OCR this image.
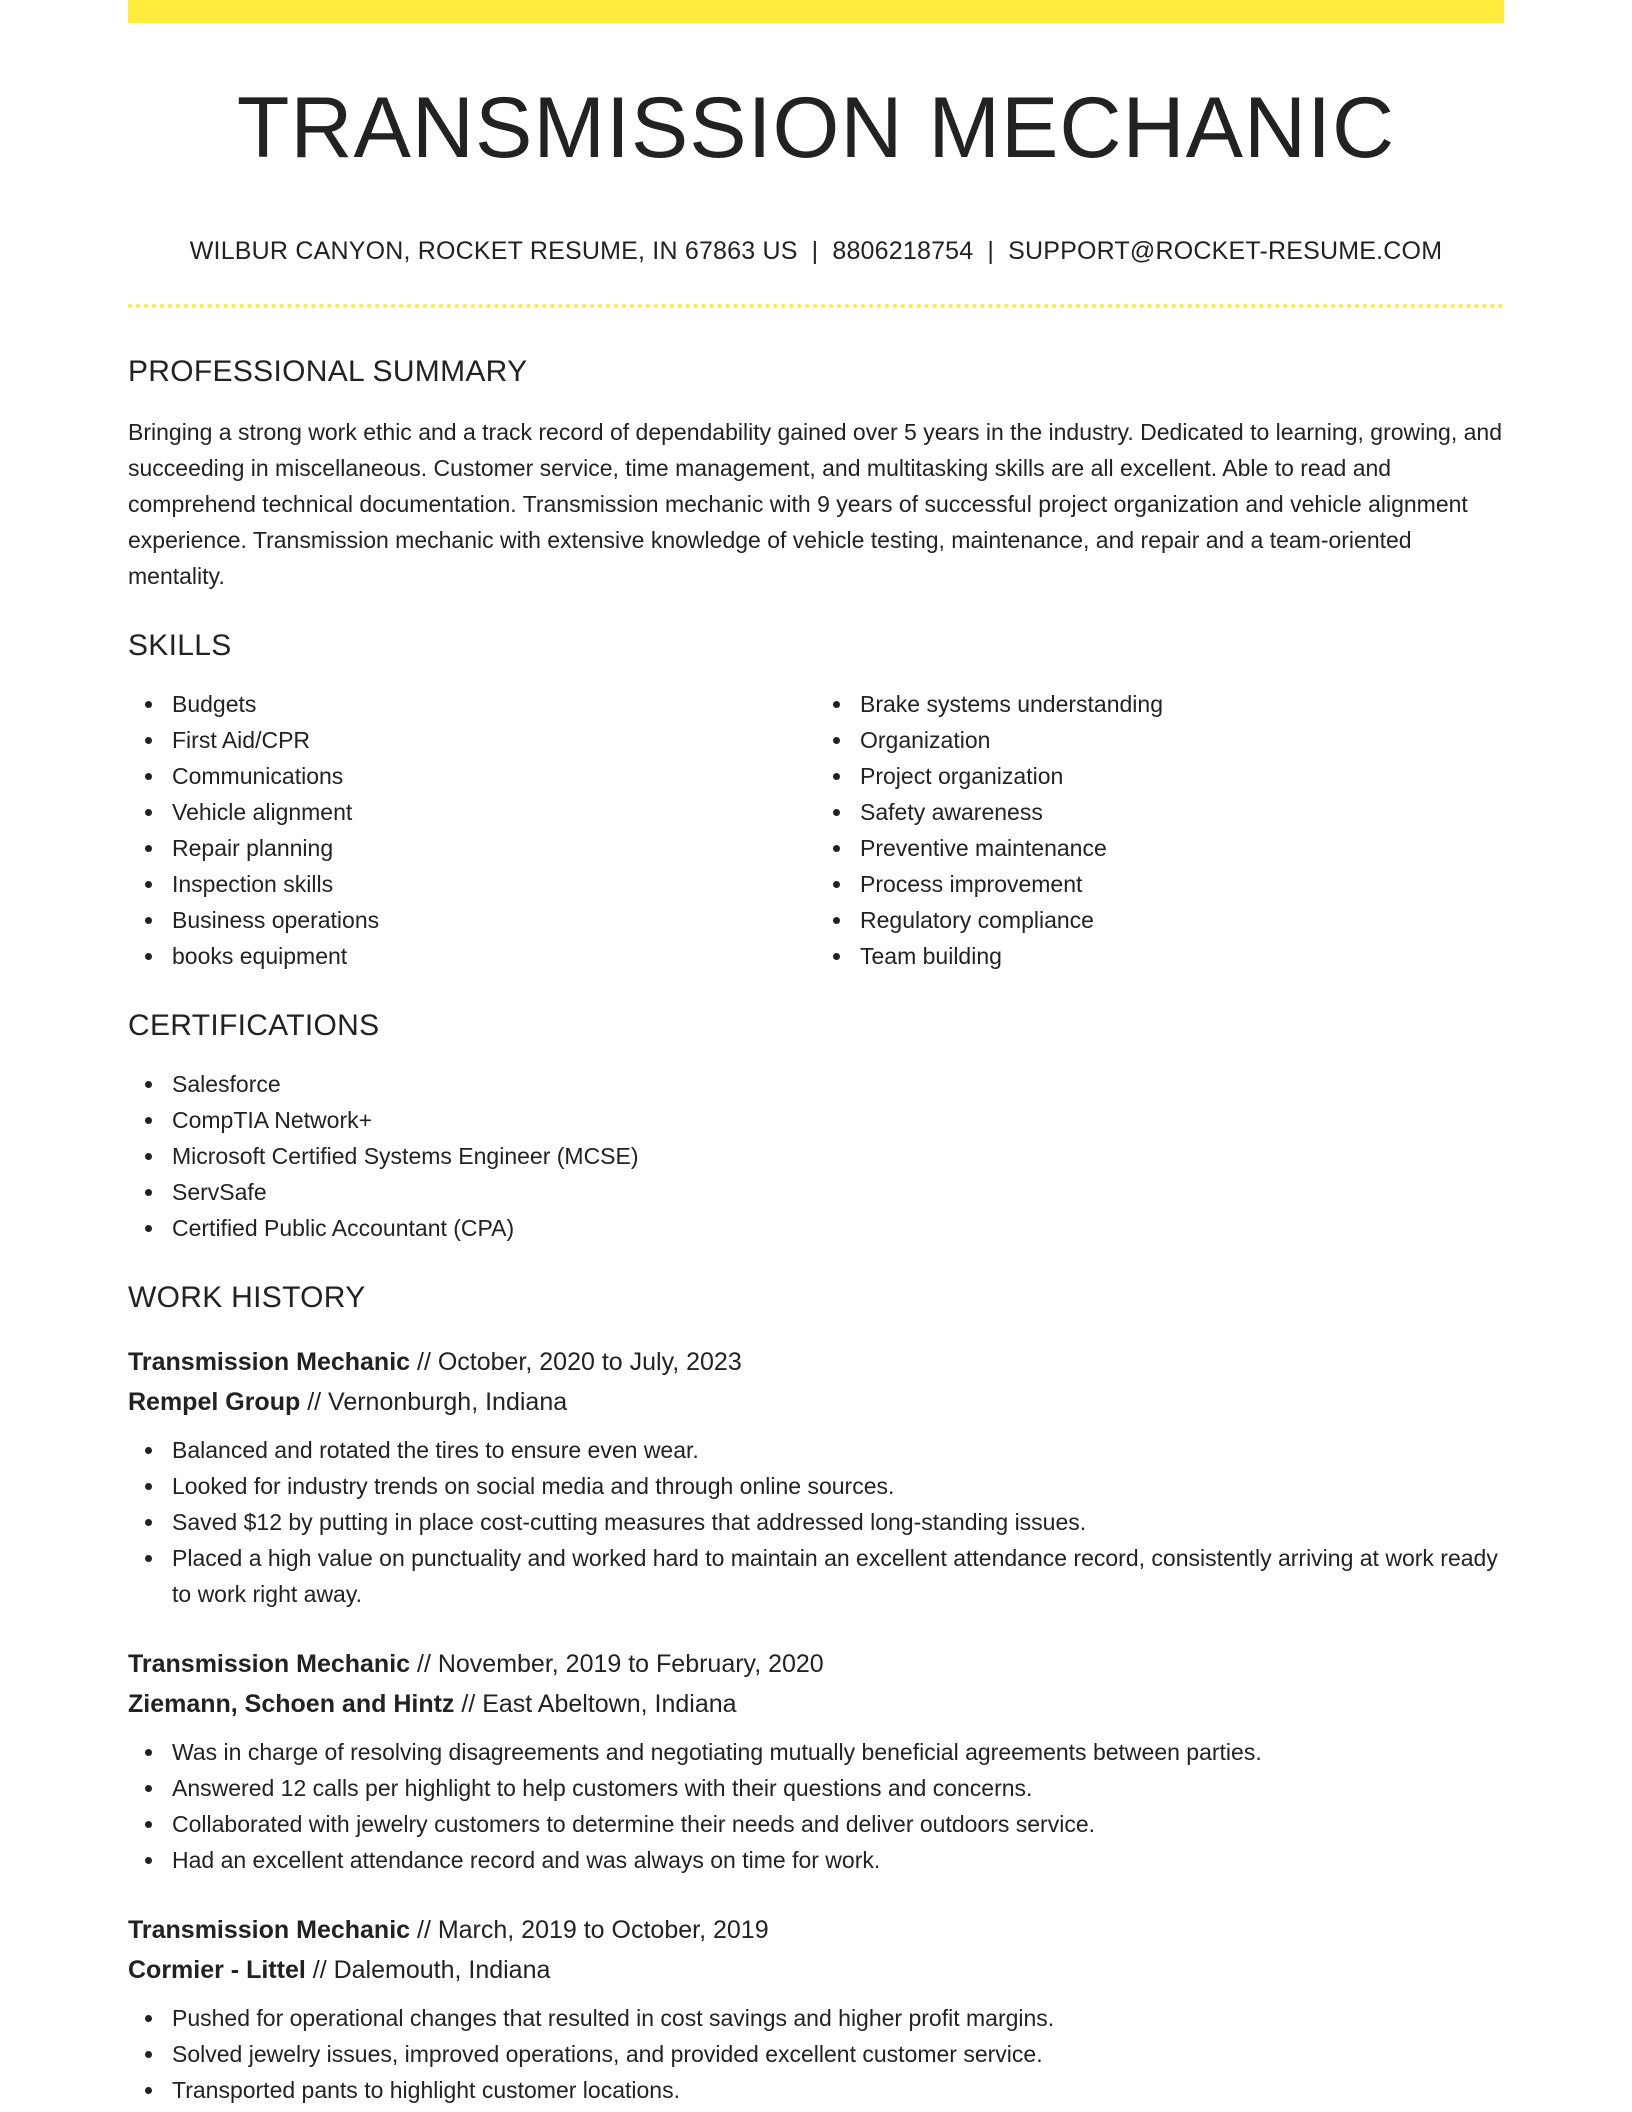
TRANSMISSION MECHANIC
WILBUR CANYON, ROCKET RESUME, IN 67863 US | 8806218754 | SUPPORT@ROCKET-RESUME.COM
PROFESSIONAL SUMMARY
Bringing a strong work ethic and a track record of dependability gained over 5 years in the industry. Dedicated to learning, growing, and succeeding in miscellaneous. Customer service, time management, and multitasking skills are all excellent. Able to read and comprehend technical documentation. Transmission mechanic with 9 years of successful project organization and vehicle alignment experience. Transmission mechanic with extensive knowledge of vehicle testing, maintenance, and repair and a team-oriented mentality.
SKILLS
Budgets
First Aid/CPR
Communications
Vehicle alignment
Repair planning
Inspection skills
Business operations
books equipment
Brake systems understanding
Organization
Project organization
Safety awareness
Preventive maintenance
Process improvement
Regulatory compliance
Team building
CERTIFICATIONS
Salesforce
CompTIA Network+
Microsoft Certified Systems Engineer (MCSE)
ServSafe
Certified Public Accountant (CPA)
WORK HISTORY
Transmission Mechanic // October, 2020 to July, 2023
Rempel Group // Vernonburgh, Indiana
Balanced and rotated the tires to ensure even wear.
Looked for industry trends on social media and through online sources.
Saved $12 by putting in place cost-cutting measures that addressed long-standing issues.
Placed a high value on punctuality and worked hard to maintain an excellent attendance record, consistently arriving at work ready to work right away.
Transmission Mechanic // November, 2019 to February, 2020
Ziemann, Schoen and Hintz // East Abeltown, Indiana
Was in charge of resolving disagreements and negotiating mutually beneficial agreements between parties.
Answered 12 calls per highlight to help customers with their questions and concerns.
Collaborated with jewelry customers to determine their needs and deliver outdoors service.
Had an excellent attendance record and was always on time for work.
Transmission Mechanic // March, 2019 to October, 2019
Cormier - Littel // Dalemouth, Indiana
Pushed for operational changes that resulted in cost savings and higher profit margins.
Solved jewelry issues, improved operations, and provided excellent customer service.
Transported pants to highlight customer locations.
